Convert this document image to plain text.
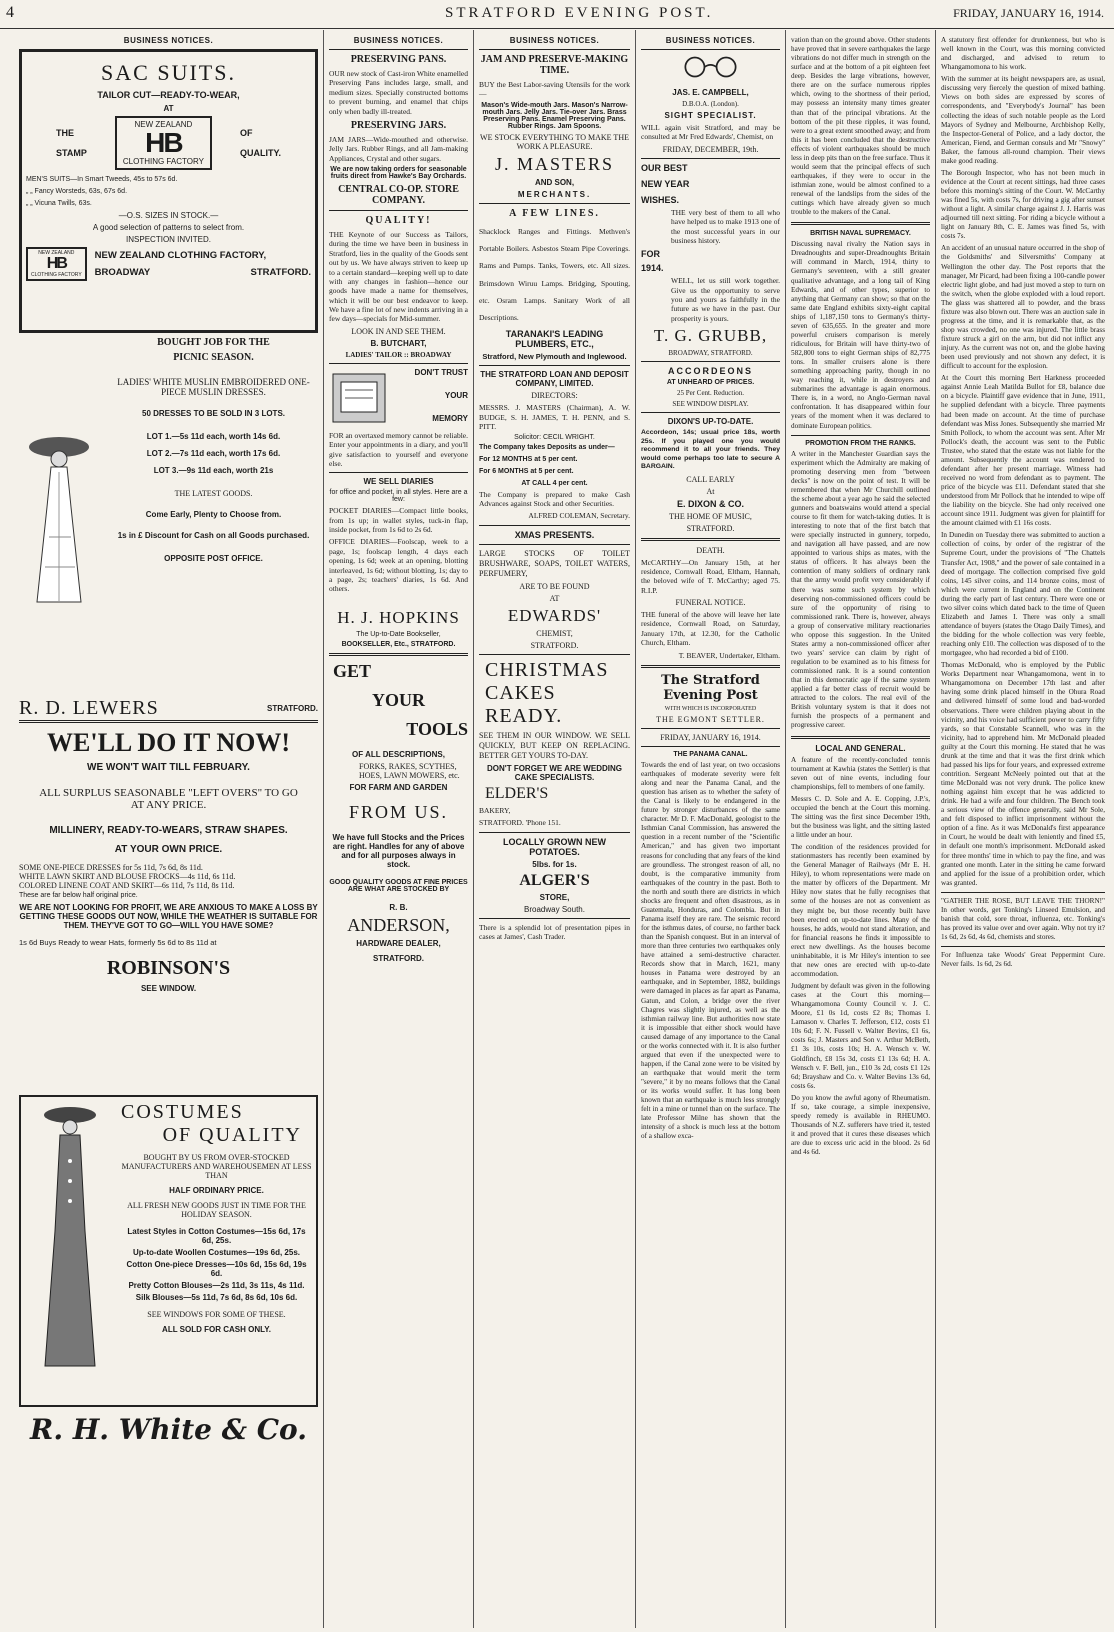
4	STRATFORD EVENING POST.	FRIDAY, JANUARY 16, 1914.
BUSINESS NOTICES.
SAC SUITS.
TAILOR CUT—READY-TO-WEAR,
AT
THE
STAMP
NEW ZEALAND
HB
CLOTHING FACTORY
OF
QUALITY.
MEN'S SUITS—In Smart Tweeds, 45s to 57s 6d.
„ „ Fancy Worsteds, 63s, 67s 6d.
„ „ Vicuna Twills, 63s.
—O.S. SIZES IN STOCK.—
A good selection of patterns to select from.
INSPECTION INVITED.
NEW ZEALAND
HB
CLOTHING FACTORY
NEW ZEALAND CLOTHING FACTORY,
BROADWAY	STRATFORD.
BOUGHT JOB FOR THE
PICNIC SEASON.
LADIES' WHITE MUSLIN EMBROIDERED ONE-PIECE MUSLIN DRESSES.
50 DRESSES TO BE SOLD IN 3 LOTS.
LOT 1.—5s 11d each, worth 14s 6d.
LOT 2.—7s 11d each, worth 17s 6d.
LOT 3.—9s 11d each, worth 21s
THE LATEST GOODS.
Come Early, Plenty to Choose from.
1s in £ Discount for Cash on all Goods purchased.
OPPOSITE POST OFFICE.
R. D. LEWERS	STRATFORD.
WE'LL DO IT NOW!
WE WON'T WAIT TILL FEBRUARY.
ALL SURPLUS SEASONABLE "LEFT OVERS" TO GO
AT ANY PRICE.
MILLINERY, READY-TO-WEARS, STRAW SHAPES.
AT YOUR OWN PRICE.
SOME ONE-PIECE DRESSES for 5s 11d, 7s 6d, 8s 11d.
WHITE LAWN SKIRT AND BLOUSE FROCKS—4s 11d, 6s 11d.
COLORED LINENE COAT AND SKIRT—6s 11d, 7s 11d, 8s 11d.
These are far below half original price.
WE ARE NOT LOOKING FOR PROFIT, WE ARE ANXIOUS TO MAKE A LOSS BY GETTING THESE GOODS OUT NOW, WHILE THE WEATHER IS SUITABLE FOR THEM. THEY'VE GOT TO GO—WILL YOU HAVE SOME?
1s 6d Buys Ready to wear Hats, formerly 5s 6d to 8s 11d at
ROBINSON'S
SEE WINDOW.
COSTUMES
OF QUALITY
BOUGHT BY US FROM OVER-STOCKED MANUFACTURERS AND WAREHOUSEMEN AT LESS THAN
HALF ORDINARY PRICE.
ALL FRESH NEW GOODS JUST IN TIME FOR THE HOLIDAY SEASON.
Latest Styles in Cotton Costumes—15s 6d, 17s 6d, 25s.
Up-to-date Woollen Costumes—19s 6d, 25s.
Cotton One-piece Dresses—10s 6d, 15s 6d, 19s 6d.
Pretty Cotton Blouses—2s 11d, 3s 11s, 4s 11d.
Silk Blouses—5s 11d, 7s 6d, 8s 6d, 10s 6d.
SEE WINDOWS FOR SOME OF THESE.
ALL SOLD FOR CASH ONLY.
R. H. White & Co.
BUSINESS NOTICES.
PRESERVING PANS.
OUR new stock of Cast-iron White enamelled Preserving Pans includes large, small, and medium sizes. Specially constructed bottoms to prevent burning, and enamel that chips only when badly ill-treated.
PRESERVING JARS.
JAM JARS—Wide-mouthed and otherwise. Jelly Jars. Rubber Rings, and all Jam-making Appliances, Crystal and other sugars.
We are now taking orders for seasonable fruits direct from Hawke's Bay Orchards.
CENTRAL CO-OP. STORE COMPANY.
QUALITY!
THE Keynote of our Success as Tailors, during the time we have been in business in Stratford, lies in the quality of the Goods sent out by us. We have always striven to keep up to a certain standard—keeping well up to date with any changes in fashion—hence our goods have made a name for themselves, which it will be our best endeavor to keep. We have a fine lot of new indents arriving in a few days—specials for Mid-summer.
LOOK IN AND SEE THEM.
B. BUTCHART,
LADIES' TAILOR :: BROADWAY
DON'T TRUST
YOUR
MEMORY
FOR an overtaxed memory cannot be reliable. Enter your appointments in a diary, and you'll give satisfaction to yourself and everyone else.
WE SELL DIARIES
for office and pocket, in all styles. Here are a few:
POCKET DIARIES—Compact little books, from 1s up; in wallet styles, tuck-in flap, inside pocket, from 1s 6d to 2s 6d.
OFFICE DIARIES—Foolscap, week to a page, 1s; foolscap length, 4 days each opening, 1s 6d; week at an opening, blotting interleaved, 1s 6d; without blotting, 1s; day to a page, 2s; teachers' diaries, 1s 6d. And others.
H. J. HOPKINS
The Up-to-Date Bookseller,
BOOKSELLER, Etc., STRATFORD.
GET
YOUR
TOOLS
OF ALL DESCRIPTIONS,
FORKS, RAKES, SCYTHES, HOES, LAWN MOWERS, etc.
FOR FARM AND GARDEN
FROM US.
We have full Stocks and the Prices are right. Handles for any of above and for all purposes always in stock.
GOOD QUALITY GOODS AT FINE PRICES ARE WHAT ARE STOCKED BY
R. B.
ANDERSON,
HARDWARE DEALER,
STRATFORD.
BUSINESS NOTICES.
JAM AND PRESERVE-MAKING TIME.
BUY the Best Labor-saving Utensils for the work—
Mason's Wide-mouth Jars. Mason's Narrow-mouth Jars. Jelly Jars. Tie-over Jars. Brass Preserving Pans. Enamel Preserving Pans. Rubber Rings. Jam Spoons.
WE STOCK EVERYTHING TO MAKE THE WORK A PLEASURE.
J. MASTERS
AND SON,
MERCHANTS.
A FEW LINES.
Shacklock Ranges and Fittings. Methven's Portable Boilers. Asbestos Steam Pipe Coverings. Rams and Pumps. Tanks, Towers, etc. All sizes. Brimsdown Wiruu Lamps. Bridging, Spouting, etc. Osram Lamps. Sanitary Work of all Descriptions.
TARANAKI'S LEADING PLUMBERS, ETC.,
Stratford, New Plymouth and Inglewood.
THE STRATFORD LOAN AND DEPOSIT COMPANY, LIMITED.
DIRECTORS:
MESSRS. J. MASTERS (Chairman), A. W. BUDGE, S. H. JAMES, T. H. PENN, and S. PITT.
Solicitor: CECIL WRIGHT.
The Company takes Deposits as under—
For 12 MONTHS at 5 per cent.
For 6 MONTHS at 5 per cent.
AT CALL 4 per cent.
The Company is prepared to make Cash Advances against Stock and other Securities.
ALFRED COLEMAN, Secretary.
XMAS PRESENTS.
LARGE STOCKS OF TOILET BRUSHWARE, SOAPS, TOILET WATERS, PERFUMERY,
ARE TO BE FOUND
AT
EDWARDS'
CHEMIST,
STRATFORD.
CHRISTMAS
CAKES
READY.
SEE THEM IN OUR WINDOW. WE SELL QUICKLY, BUT KEEP ON REPLACING. BETTER GET YOURS TO-DAY.
DON'T FORGET WE ARE WEDDING CAKE SPECIALISTS.
ELDER'S
BAKERY,
STRATFORD. 'Phone 151.
LOCALLY GROWN NEW POTATOES.
5lbs. for 1s.
ALGER'S
STORE,
Broadway South.
There is a splendid lot of presentation pipes in cases at James', Cash Trader.
BUSINESS NOTICES.
JAS. E. CAMPBELL,
D.B.O.A. (London).
SIGHT SPECIALIST.
WILL again visit Stratford, and may be consulted at Mr Fred Edwards', Chemist, on
FRIDAY, DECEMBER, 19th.
OUR BEST
NEW YEAR
WISHES.
THE very best of them to all who have helped us to make 1913 one of the most successful years in our business history.
FOR
1914.
WELL, let us still work together. Give us the opportunity to serve you and yours as faithfully in the future as we have in the past. Our prosperity is yours.
T. G. GRUBB,
BROADWAY, STRATFORD.
ACCORDEONS
AT UNHEARD OF PRICES.
25 Per Cent. Reduction.
SEE WINDOW DISPLAY.
DIXON'S UP-TO-DATE.
Accordeon, 14s; usual price 18s, worth 25s. If you played one you would recommend it to all your friends. They would come perhaps too late to secure A BARGAIN.
CALL EARLY
At
E. DIXON & CO.
THE HOME OF MUSIC,
STRATFORD.
DEATH.
McCARTHY—On January 15th, at her residence, Cornwall Road, Eltham, Hannah, the beloved wife of T. McCarthy; aged 75. R.I.P.
FUNERAL NOTICE.
THE funeral of the above will leave her late residence, Cornwall Road, on Saturday, January 17th, at 12.30, for the Catholic Church, Eltham.
T. BEAVER, Undertaker, Eltham.
The Stratford Evening Post
WITH WHICH IS INCORPORATED
THE EGMONT SETTLER.
FRIDAY, JANUARY 16, 1914.
THE PANAMA CANAL.
Towards the end of last year, on two occasions earthquakes of moderate severity were felt along and near the Panama Canal, and the question has arisen as to whether the safety of the Canal is likely to be endangered in the future by stronger disturbances of the same character. Mr D. F. MacDonald, geologist to the Isthmian Canal Commission, has answered the question in a recent number of the "Scientific American," and has given two important reasons for concluding that any fears of the kind are groundless. The strongest reason of all, no doubt, is the comparative immunity from earthquakes of the country in the past. Both to the north and south there are districts in which shocks are frequent and often disastrous, as in Guatemala, Honduras, and Colombia. But in Panama itself they are rare. The seismic record for the isthmus dates, of course, no farther back than the Spanish conquest. But in an interval of more than three centuries two earthquakes only have attained a semi-destructive character. Records show that in March, 1621, many houses in Panama were destroyed by an earthquake, and in September, 1882, buildings were damaged in places as far apart as Panama, Gatun, and Colon, a bridge over the river Chagres was slightly injured, as well as the isthmian railway line. But authorities now state it is impossible that either shock would have caused damage of any importance to the Canal or the works connected with it. It is also further argued that even if the unexpected were to happen, if the Canal zone were to be visited by an earthquake that would merit the term "severe," it by no means follows that the Canal or its works would suffer. It has long been known that an earthquake is much less strongly felt in a mine or tunnel than on the surface. The late Professor Milne has shown that the intensity of a shock is much less at the bottom of a shallow exca-
vation than on the ground above. Other students have proved that in severe earthquakes the large vibrations do not differ much in strength on the surface and at the bottom of a pit eighteen feet deep. Besides the large vibrations, however, there are on the surface numerous ripples which, owing to the shortness of their period, may possess an intensity many times greater than that of the principal vibrations. At the bottom of the pit these ripples, it was found, were to a great extent smoothed away; and from this it has been concluded that the destructive effects of violent earthquakes should be much less in deep pits than on the free surface. Thus it would seem that the principal effects of such earthquakes, if they were to occur in the isthmian zone, would be almost confined to a renewal of the landslips from the sides of the cuttings which have already given so much trouble to the makers of the Canal.
BRITISH NAVAL SUPREMACY.
Discussing naval rivalry the Nation says in Dreadnoughts and super-Dreadnoughts Britain will command in March, 1914, thirty to Germany's seventeen, with a still greater qualitative advantage, and a long tail of King Edwards, and of other types, superior to anything that Germany can show; so that on the same date England exhibits sixty-eight capital ships of 1,187,150 tons to Germany's thirty-seven of 635,655. In the greater and more powerful cruisers comparison is merely ridiculous, for Britain will have thirty-two of 582,800 tons to eight German ships of 82,775 tons. In smaller cruisers alone is there something approaching parity, though in no way reaching it, while in destroyers and submarines the advantage is again enormous. There is, in a word, no Anglo-German naval confrontation. It has disappeared within four years of the moment when it was declared to dominate European politics.
PROMOTION FROM THE RANKS.
A writer in the Manchester Guardian says the experiment which the Admiralty are making of promoting deserving men from "between decks" is now on the point of test. It will be remembered that when Mr Churchill outlined the scheme about a year ago he said the selected gunners and boatswains would attend a special course to fit them for watch-taking duties. It is interesting to note that of the first batch that were specially instructed in gunnery, torpedo, and navigation all have passed, and are now appointed to various ships as mates, with the status of officers. It has always been the contention of many soldiers of ordinary rank that the army would profit very considerably if there was some such system by which deserving non-commissioned officers could be sure of the opportunity of rising to commissioned rank. There is, however, always a group of conservative military reactionaries who oppose this suggestion. In the United States army a non-commissioned officer after two years' service can claim by right of regulation to be examined as to his fitness for commissioned rank. It is a sound contention that in this democratic age if the same system applied a far better class of recruit would be attracted to the colors. The real evil of the British voluntary system is that it does not furnish the prospects of a permanent and progressive career.
LOCAL AND GENERAL.
A feature of the recently-concluded tennis tournament at Kawhia (states the Settler) is that seven out of nine events, including four championships, fell to members of one family.
Messrs C. D. Sole and A. E. Copping, J.P.'s, occupied the bench at the Court this morning. The sitting was the first since December 19th, but the business was light, and the sitting lasted a little under an hour.
The condition of the residences provided for stationmasters has recently been examined by the General Manager of Railways (Mr E. H. Hiley), to whom representations were made on the matter by officers of the Department. Mr Hiley now states that he fully recognises that some of the houses are not as convenient as they might be, but those recently built have been erected on up-to-date lines. Many of the houses, he adds, would not stand alteration, and for financial reasons he finds it impossible to erect new dwellings. As the houses become uninhabitable, it is Mr Hiley's intention to see that new ones are erected with up-to-date accommodation.
Judgment by default was given in the following cases at the Court this morning—Whangamomona County Council v. J. C. Moore, £1 0s 1d, costs £2 8s; Thomas I. Lamason v. Charles T. Jefferson, £12, costs £1 10s 6d; F. N. Fussell v. Walter Bevins, £1 6s, costs 6s; J. Masters and Son v. Arthur McBeth, £1 3s 10s, costs 10s; H. A. Wensch v. W. Goldfinch, £8 15s 3d, costs £1 13s 6d; H. A. Wensch v. F. Bell, jun., £10 3s 2d, costs £1 12s 6d; Brayshaw and Co. v. Walter Bevins 13s 6d, costs 6s.
Do you know the awful agony of Rheumatism. If so, take courage, a simple inexpensive, speedy remedy is available in RHEUMO. Thousands of N.Z. sufferers have tried it, tested it and proved that it cures these diseases which are due to excess uric acid in the blood. 2s 6d and 4s 6d.
A statutory first offender for drunkenness, but who is well known in the Court, was this morning convicted and discharged, and advised to return to Whangamomona to his work.
With the summer at its height newspapers are, as usual, discussing very fiercely the question of mixed bathing. Views on both sides are expressed by scores of correspondents, and "Everybody's Journal" has been collecting the ideas of such notable people as the Lord Mayors of Sydney and Melbourne, Archbishop Kelly, the Inspector-General of Police, and a lady doctor, the American, Fiend, and German consuls and Mr "Snowy" Baker, the famous all-round champion. Their views make good reading.
The Borough Inspector, who has not been much in evidence at the Court at recent sittings, had three cases before this morning's sitting of the Court. W. McCarthy was fined 5s, with costs 7s, for driving a gig after sunset without a light. A similar charge against J. J. Harris was adjourned till next sitting. For riding a bicycle without a light on January 8th, C. E. James was fined 5s, with costs 7s.
An accident of an unusual nature occurred in the shop of the Goldsmiths' and Silversmiths' Company at Wellington the other day. The Post reports that the manager, Mr Picard, had been fixing a 100-candle power electric light globe, and had just moved a step to turn on the switch, when the globe exploded with a loud report. The glass was shattered all to powder, and the brass fixture was also blown out. There was an auction sale in progress at the time, and it is remarkable that, as the shop was crowded, no one was injured. The little brass fixture struck a girl on the arm, but did not inflict any injury. As the current was not on, and the globe having been used previously and not shown any defect, it is difficult to account for the explosion.
At the Court this morning Bert Harkness proceeded against Annie Leah Matilda Bullot for £8, balance due on a bicycle. Plaintiff gave evidence that in June, 1911, he supplied defendant with a bicycle. Three payments had been made on account. At the time of purchase defendant was Miss Jones. Subsequently she married Mr Smith Pollock, to whom the account was sent. After Mr Pollock's death, the account was sent to the Public Trustee, who stated that the estate was not liable for the amount. Subsequently the account was rendered to defendant after her present marriage. Witness had received no word from defendant as to payment. The price of the bicycle was £11. Defendant stated that she understood from Mr Pollock that he intended to wipe off the liability on the bicycle. She had only received one account since 1911. Judgment was given for plaintiff for the amount claimed with £1 16s costs.
In Dunedin on Tuesday there was submitted to auction a collection of coins, by order of the registrar of the Supreme Court, under the provisions of "The Chattels Transfer Act, 1908," and the power of sale contained in a deed of mortgage. The collection comprised five gold coins, 145 silver coins, and 114 bronze coins, most of which were current in England and on the Continent during the early part of last century. There were one or two silver coins which dated back to the time of Queen Elizabeth and James I. There was only a small attendance of buyers (states the Otago Daily Times), and the bidding for the whole collection was very feeble, reaching only £10. The collection was disposed of to the mortgagee, who had recorded a bid of £100.
Thomas McDonald, who is employed by the Public Works Department near Whangamomona, went in to Whangamomona on December 17th last and after having some drink placed himself in the Ohura Road and delivered himself of some loud and bad-worded observations. There were children playing about in the vicinity, and his voice had sufficient power to carry fifty yards, so that Constable Scannell, who was in the vicinity, had to apprehend him. Mr McDonald pleaded guilty at the Court this morning. He stated that he was drunk at the time and that it was the first drink which had passed his lips for four years, and expressed extreme contrition. Sergeant McNeely pointed out that at the time McDonald was not very drunk. The police knew nothing against him except that he was addicted to drink. He had a wife and four children. The Bench took a serious view of the offence generally, said Mr Sole, and felt disposed to inflict imprisonment without the option of a fine. As it was McDonald's first appearance in Court, he would be dealt with leniently and fined £5, in default one month's imprisonment. McDonald asked for three months' time in which to pay the fine, and was granted one month. Later in the sitting he came forward and applied for the issue of a prohibition order, which was granted.
"GATHER THE ROSE, BUT LEAVE THE THORN!" In other words, get Tonking's Linseed Emulsion, and banish that cold, sore throat, influenza, etc. Tonking's has proved its value over and over again. Why not try it? 1s 6d, 2s 6d, 4s 6d, chemists and stores.
For Influenza take Woods' Great Peppermint Cure. Never fails. 1s 6d, 2s 6d.
